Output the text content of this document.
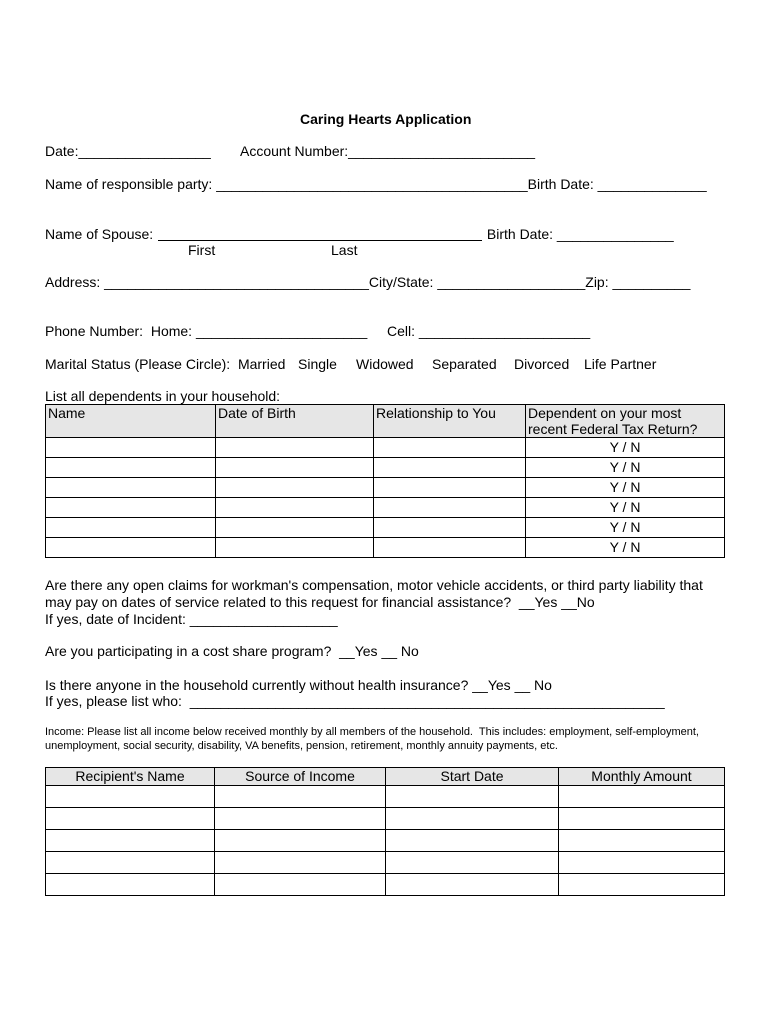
Caring Hearts Application
Date:_________________ Account Number:________________________
Name of responsible party: ________________________________________Birth Date: ______________
Name of Spouse:	Birth Date: _______________
First	Last
Address: __________________________________City/State: ___________________Zip: __________
Phone Number:  Home: ______________________ Cell: ______________________
Marital Status (Please Circle):  Married Single Widowed Separated Divorced Life Partner
List all dependents in your household:
Name	Date of Birth	Relationship to You	Dependent on your most recent Federal Tax Return?
			Y / N
			Y / N
			Y / N
			Y / N
			Y / N
			Y / N
Are there any open claims for workman's compensation, motor vehicle accidents, or third party liability that
may pay on dates of service related to this request for financial assistance?  __Yes __No
If yes, date of Incident: ___________________
Are you participating in a cost share program?  __Yes __ No
Is there anyone in the household currently without health insurance? __Yes __ No
If yes, please list who:  _____________________________________________________________
Income: Please list all income below received monthly by all members of the household.  This includes: employment, self-employment,
unemployment, social security, disability, VA benefits, pension, retirement, monthly annuity payments, etc.
Recipient's Name	Source of Income	Start Date	Monthly Amount
